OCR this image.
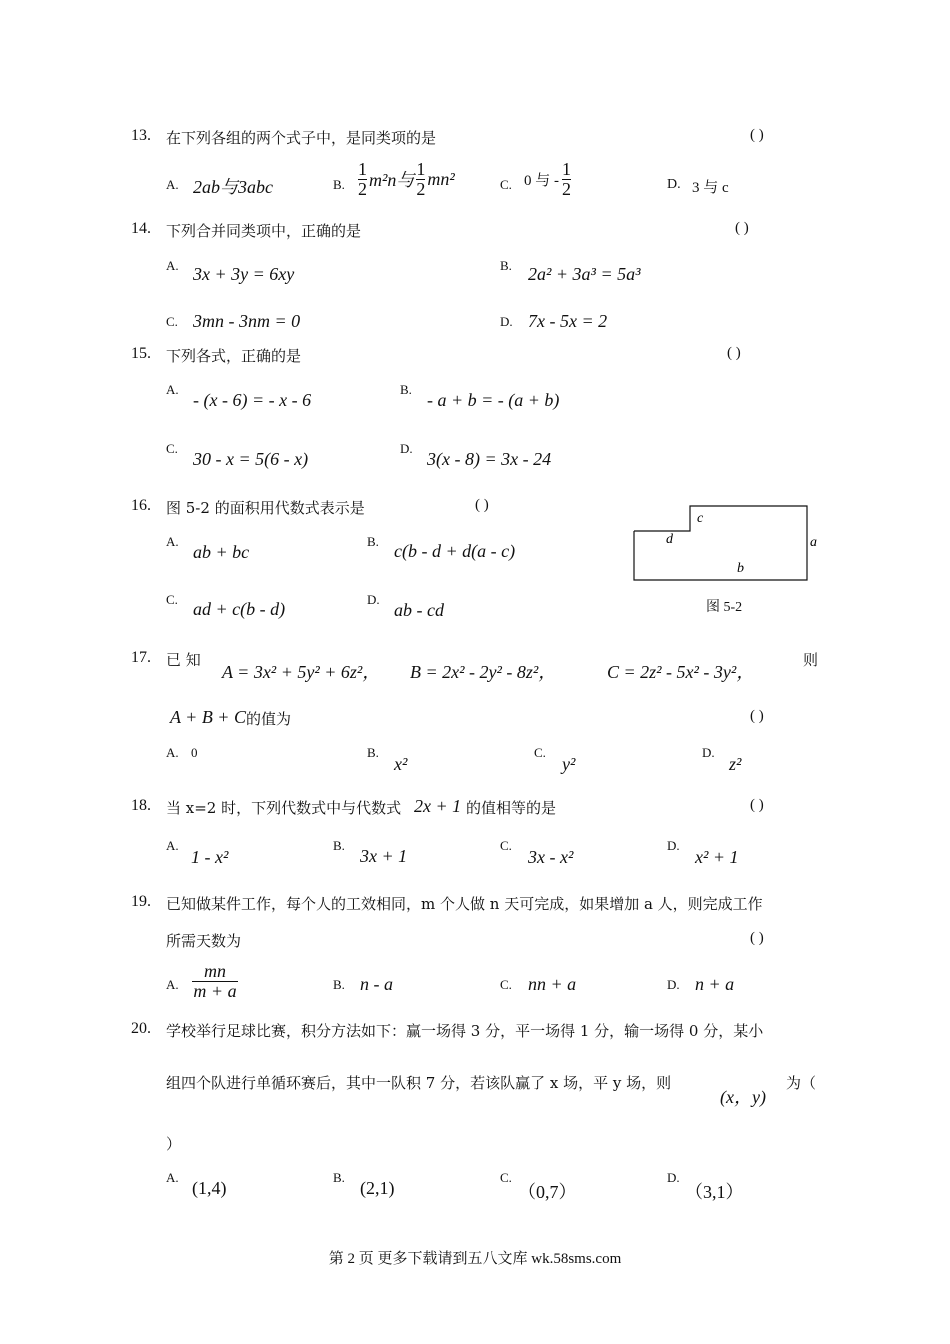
13. 在下列各组的两个式子中，是同类项的是	( )
A. 2ab与3abc	B. $\frac{1}{2} m^2n$与 $\frac{1}{2} mn^2$	C. 0 与 - $\frac{1}{2}$	D. 3 与 c
14. 下列合并同类项中，正确的是	( )
A. 3x + 3y = 6xy	B. 2a² + 3a³ = 5a³
C. 3mn - 3nm = 0	D. 7x - 5x = 2
15. 下列各式，正确的是	( )
A.
- (x - 6) = - x - 6
B.
- a + b = - (a + b)
C.
30 - x = 5(6 - x)
D.
3(x - 8) = 3x - 24
16. 图 5-2 的面积用代数式表示是	( )
A.
ab + bc
B. c(b - d + d(a - c)
C. ad + c(b - d)	D.
ab - cd
c
d	a
b
图 5-2
17. 已 知
A = 3x² + 5y² + 6z²， B = 2x² - 2y² - 8z²，	C = 2z² - 5x² - 3y²，
则
A + B + C 的值为	( )
A. 0	B.
x²
C.
y²
D.
z²
18. 当 x=2 时，下列代数式中与代数式 2x + 1 的值相等的是	( )
A.
1 - x²
B.
3x + 1
C.
3x - x²
D.
x² + 1
19. 已知做某件工作，每个人的工效相同，m 个人做 n 天可完成，如果增加 a 人，则完成工作
所需天数为	( )
A. $\frac{mn}{m + a}$	B. n - a	C. nn + a	D. n + a
20. 学校举行足球比赛，积分方法如下：赢一场得 3 分，平一场得 1 分，输一场得 0 分，某小
组四个队进行单循环赛后，其中一队积 7 分，若该队赢了 x 场，平 y 场，则
(x，y)
为（
）
A.
(1,4)
B.
(2,1)
C.
（0,7）
D.
（3,1）
第 2 页 更多下载请到五八文库 wk.58sms.com
